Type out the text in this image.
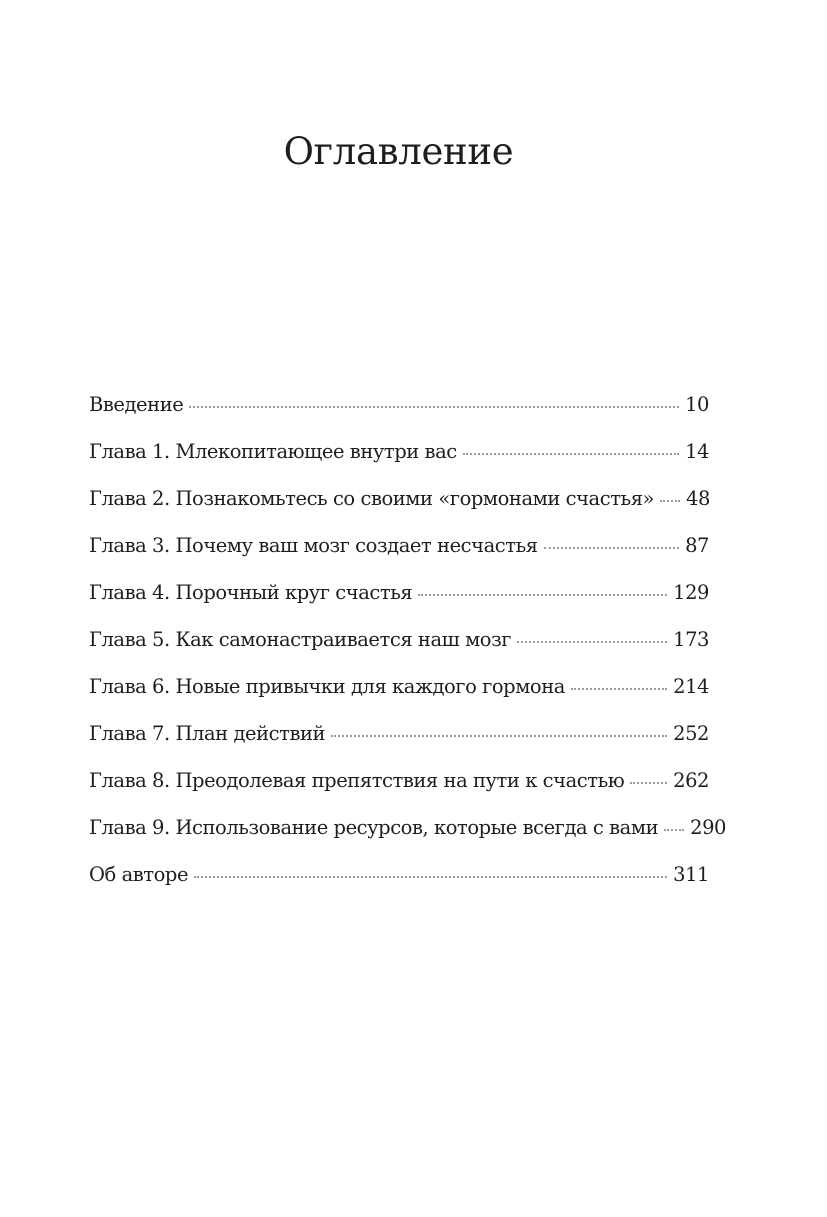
Оглавление
Введение	10
Глава 1. Млекопитающее внутри вас	14
Глава 2. Познакомьтесь со своими «гормонами счастья» 48
Глава 3. Почему ваш мозг создает несчастья	87
Глава 4. Порочный круг счастья	129
Глава 5. Как самонастраивается наш мозг	173
Глава 6. Новые привычки для каждого гормона	214
Глава 7. План действий	252
Глава 8. Преодолевая препятствия на пути к счастью	262
Глава 9. Использование ресурсов, которые всегда с вами 290
Об авторе	311
